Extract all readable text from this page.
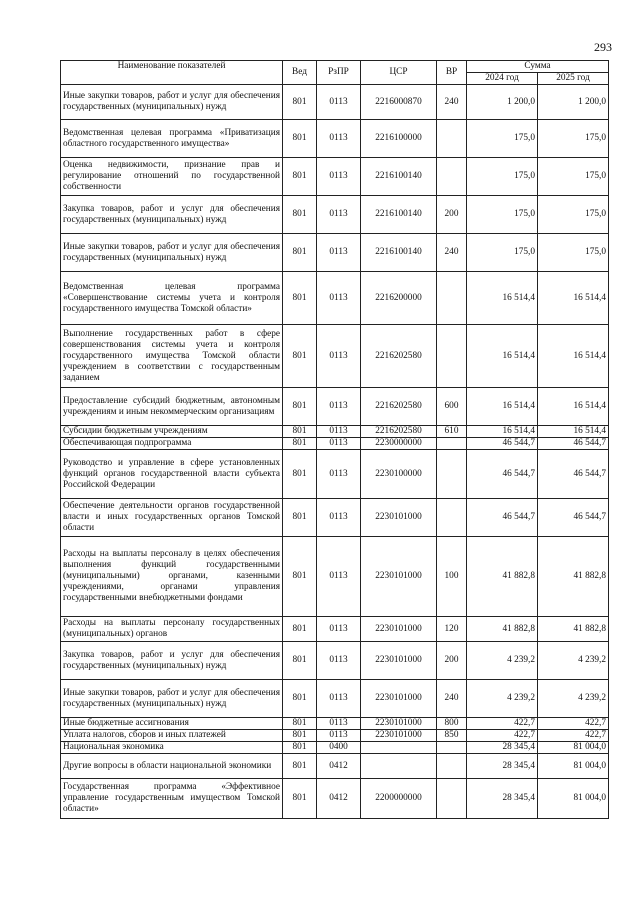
293
Наименование показателей	Вед	РзПР	ЦСР	ВР	Сумма	
					2024 год	2025 год
Иные закупки товаров, работ и услуг для обеспечения государственных (муниципальных) нужд	801	0113	2216000870	240	1 200,0	1 200,0
Ведомственная целевая программа «Приватизация областного государственного имущества»	801	0113	2216100000		175,0	175,0
Оценка недвижимости, признание прав и регулирование отношений по государственной собственности	801	0113	2216100140		175,0	175,0
Закупка товаров, работ и услуг для обеспечения государственных (муниципальных) нужд	801	0113	2216100140	200	175,0	175,0
Иные закупки товаров, работ и услуг для обеспечения государственных (муниципальных) нужд	801	0113	2216100140	240	175,0	175,0
Ведомственная целевая программа «Совершенствование системы учета и контроля государственного имущества Томской области»	801	0113	2216200000		16 514,4	16 514,4
Выполнение государственных работ в сфере совершенствования системы учета и контроля государственного имущества Томской области учреждением в соответствии с государственным заданием	801	0113	2216202580		16 514,4	16 514,4
Предоставление субсидий бюджетным, автономным учреждениям и иным некоммерческим организациям	801	0113	2216202580	600	16 514,4	16 514,4
Субсидии бюджетным учреждениям	801	0113	2216202580	610	16 514,4	16 514,4
Обеспечивающая подпрограмма	801	0113	2230000000		46 544,7	46 544,7
Руководство и управление в сфере установленных функций органов государственной власти субъекта Российской Федерации	801	0113	2230100000		46 544,7	46 544,7
Обеспечение деятельности органов государственной власти и иных государственных органов Томской области	801	0113	2230101000		46 544,7	46 544,7
Расходы на выплаты персоналу в целях обеспечения выполнения функций государственными (муниципальными) органами, казенными учреждениями, органами управления государственными внебюджетными фондами	801	0113	2230101000	100	41 882,8	41 882,8
Расходы на выплаты персоналу государственных (муниципальных) органов	801	0113	2230101000	120	41 882,8	41 882,8
Закупка товаров, работ и услуг для обеспечения государственных (муниципальных) нужд	801	0113	2230101000	200	4 239,2	4 239,2
Иные закупки товаров, работ и услуг для обеспечения государственных (муниципальных) нужд	801	0113	2230101000	240	4 239,2	4 239,2
Иные бюджетные ассигнования	801	0113	2230101000	800	422,7	422,7
Уплата налогов, сборов и иных платежей	801	0113	2230101000	850	422,7	422,7
Национальная экономика	801	0400			28 345,4	81 004,0
Другие вопросы в области национальной экономики	801	0412			28 345,4	81 004,0
Государственная программа «Эффективное управление государственным имуществом Томской области»	801	0412	2200000000		28 345,4	81 004,0
